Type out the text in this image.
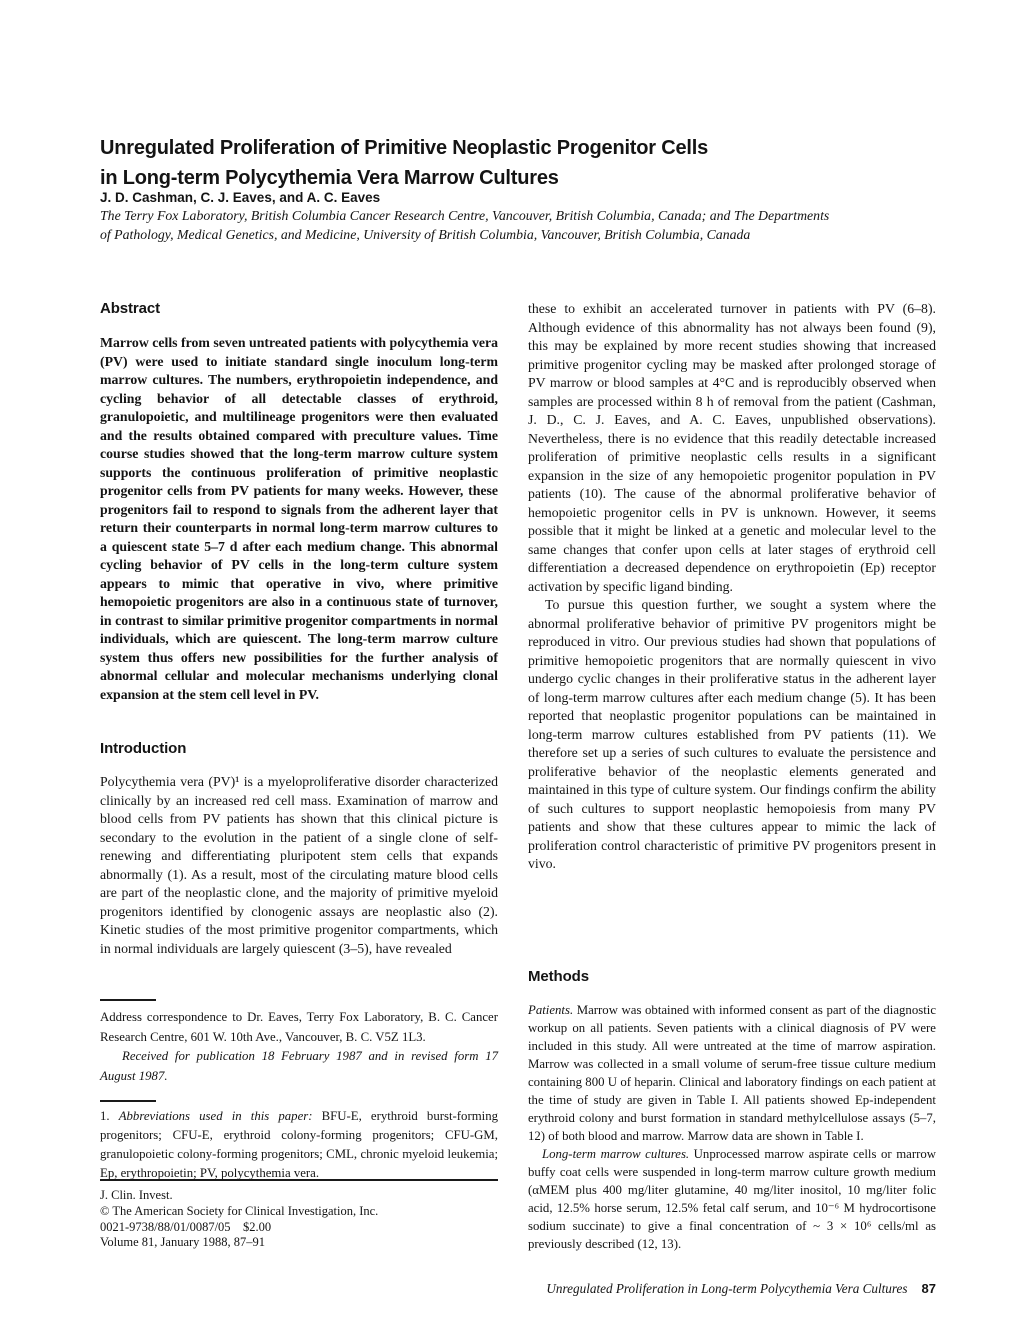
Unregulated Proliferation of Primitive Neoplastic Progenitor Cells
in Long-term Polycythemia Vera Marrow Cultures
J. D. Cashman, C. J. Eaves, and A. C. Eaves
The Terry Fox Laboratory, British Columbia Cancer Research Centre, Vancouver, British Columbia, Canada; and The Departments
of Pathology, Medical Genetics, and Medicine, University of British Columbia, Vancouver, British Columbia, Canada
Abstract

Marrow cells from seven untreated patients with polycythemia vera (PV) were used to initiate standard single inoculum long-term marrow cultures. The numbers, erythropoietin independence, and cycling behavior of all detectable classes of erythroid, granulopoietic, and multilineage progenitors were then evaluated and the results obtained compared with preculture values. Time course studies showed that the long-term marrow culture system supports the continuous proliferation of primitive neoplastic progenitor cells from PV patients for many weeks. However, these progenitors fail to respond to signals from the adherent layer that return their counterparts in normal long-term marrow cultures to a quiescent state 5–7 d after each medium change. This abnormal cycling behavior of PV cells in the long-term culture system appears to mimic that operative in vivo, where primitive hemopoietic progenitors are also in a continuous state of turnover, in contrast to similar primitive progenitor compartments in normal individuals, which are quiescent. The long-term marrow culture system thus offers new possibilities for the further analysis of abnormal cellular and molecular mechanisms underlying clonal expansion at the stem cell level in PV.

Introduction

Polycythemia vera (PV)¹ is a myeloproliferative disorder characterized clinically by an increased red cell mass. Examination of marrow and blood cells from PV patients has shown that this clinical picture is secondary to the evolution in the patient of a single clone of self-renewing and differentiating pluripotent stem cells that expands abnormally (1). As a result, most of the circulating mature blood cells are part of the neoplastic clone, and the majority of primitive myeloid progenitors identified by clonogenic assays are neoplastic also (2). Kinetic studies of the most primitive progenitor compartments, which in normal individuals are largely quiescent (3–5), have revealed

Address correspondence to Dr. Eaves, Terry Fox Laboratory, B. C. Cancer Research Centre, 601 W. 10th Ave., Vancouver, B. C. V5Z 1L3.

Received for publication 18 February 1987 and in revised form 17 August 1987.

1. Abbreviations used in this paper: BFU-E, erythroid burst-forming progenitors; CFU-E, erythroid colony-forming progenitors; CFU-GM, granulopoietic colony-forming progenitors; CML, chronic myeloid leukemia; Ep, erythropoietin; PV, polycythemia vera.

J. Clin. Invest.
© The American Society for Clinical Investigation, Inc.
0021-9738/88/01/0087/05  $2.00
Volume 81, January 1988, 87–91

these to exhibit an accelerated turnover in patients with PV (6–8). Although evidence of this abnormality has not always been found (9), this may be explained by more recent studies showing that increased primitive progenitor cycling may be masked after prolonged storage of PV marrow or blood samples at 4°C and is reproducibly observed when samples are processed within 8 h of removal from the patient (Cashman, J. D., C. J. Eaves, and A. C. Eaves, unpublished observations). Nevertheless, there is no evidence that this readily detectable increased proliferation of primitive neoplastic cells results in a significant expansion in the size of any hemopoietic progenitor population in PV patients (10). The cause of the abnormal proliferative behavior of hemopoietic progenitor cells in PV is unknown. However, it seems possible that it might be linked at a genetic and molecular level to the same changes that confer upon cells at later stages of erythroid cell differentiation a decreased dependence on erythropoietin (Ep) receptor activation by specific ligand binding.

To pursue this question further, we sought a system where the abnormal proliferative behavior of primitive PV progenitors might be reproduced in vitro. Our previous studies had shown that populations of primitive hemopoietic progenitors that are normally quiescent in vivo undergo cyclic changes in their proliferative status in the adherent layer of long-term marrow cultures after each medium change (5). It has been reported that neoplastic progenitor populations can be maintained in long-term marrow cultures established from PV patients (11). We therefore set up a series of such cultures to evaluate the persistence and proliferative behavior of the neoplastic elements generated and maintained in this type of culture system. Our findings confirm the ability of such cultures to support neoplastic hemopoiesis from many PV patients and show that these cultures appear to mimic the lack of proliferation control characteristic of primitive PV progenitors present in vivo.

Methods

Patients. Marrow was obtained with informed consent as part of the diagnostic workup on all patients. Seven patients with a clinical diagnosis of PV were included in this study. All were untreated at the time of marrow aspiration. Marrow was collected in a small volume of serum-free tissue culture medium containing 800 U of heparin. Clinical and laboratory findings on each patient at the time of study are given in Table I. All patients showed Ep-independent erythroid colony and burst formation in standard methylcellulose assays (5–7, 12) of both blood and marrow. Marrow data are shown in Table I.

Long-term marrow cultures. Unprocessed marrow aspirate cells or marrow buffy coat cells were suspended in long-term marrow culture growth medium (αMEM plus 400 mg/liter glutamine, 40 mg/liter inositol, 10 mg/liter folic acid, 12.5% horse serum, 12.5% fetal calf serum, and 10⁻⁶ M hydrocortisone sodium succinate) to give a final concentration of ~ 3 × 10⁶ cells/ml as previously described (12, 13).

Unregulated Proliferation in Long-term Polycythemia Vera Cultures 87
